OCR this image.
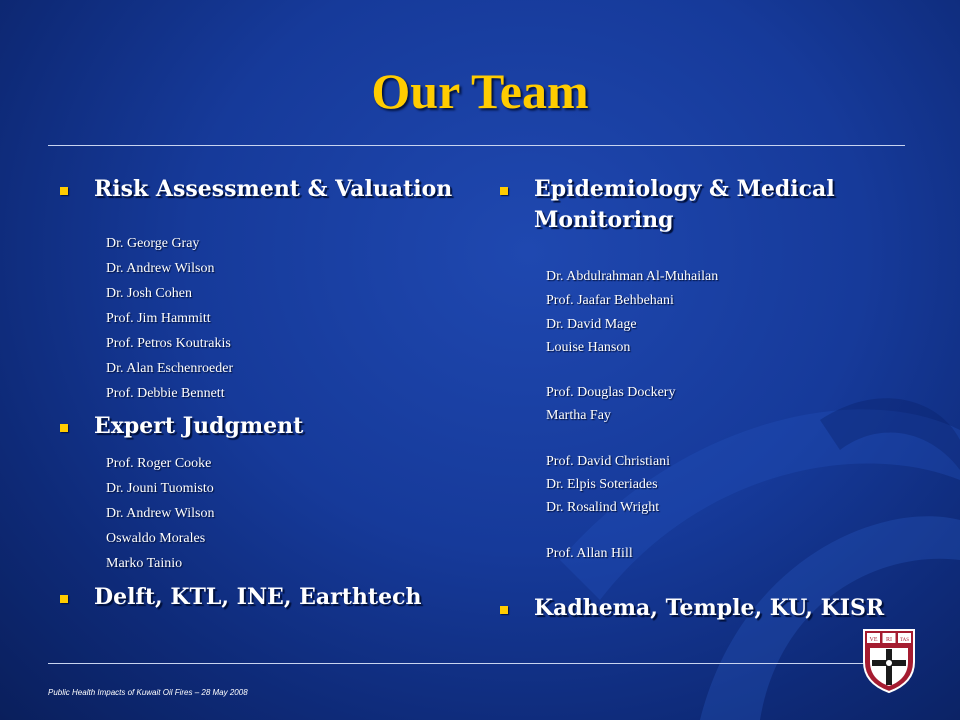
Our Team
Risk Assessment & Valuation
Dr. George Gray
Dr. Andrew Wilson
Dr. Josh Cohen
Prof. Jim Hammitt
Prof. Petros Koutrakis
Dr. Alan Eschenroeder
Prof. Debbie Bennett
Expert Judgment
Prof. Roger Cooke
Dr. Jouni Tuomisto
Dr. Andrew Wilson
Oswaldo Morales
Marko Tainio
Delft, KTL, INE, Earthtech
Epidemiology & Medical
Monitoring
Dr. Abdulrahman Al-Muhailan
Prof. Jaafar Behbehani
Dr. David Mage
Louise Hanson
Prof. Douglas Dockery
Martha Fay
Prof. David Christiani
Dr. Elpis Soteriades
Dr. Rosalind Wright
Prof. Allan Hill
Kadhema, Temple, KU, KISR
Public Health Impacts of Kuwait Oil Fires – 28 May 2008
VE RI TAS
